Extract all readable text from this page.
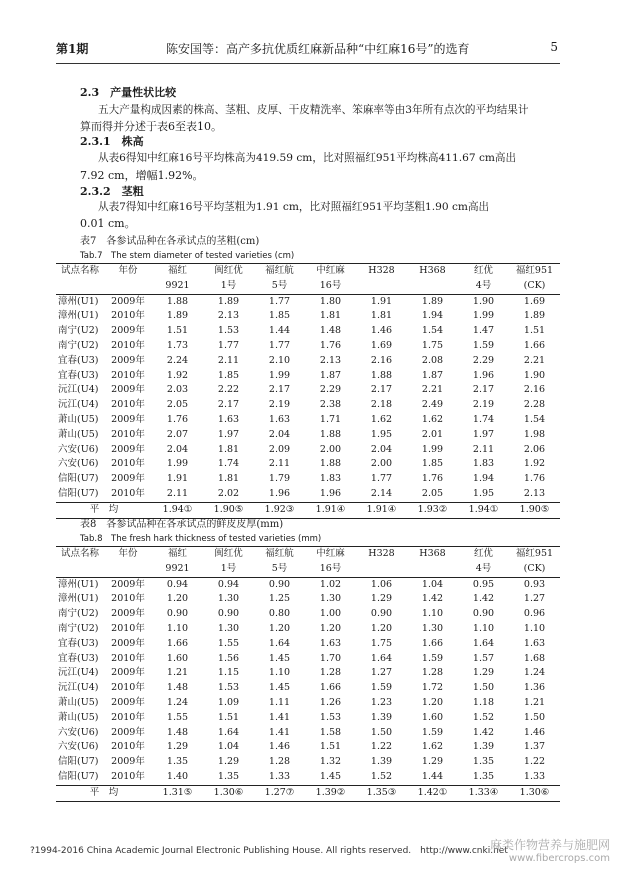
第1期	陈安国等：高产多抗优质红麻新品种“中红麻16号”的选育	5
2.3　产量性状比较
五大产量构成因素的株高、茎粗、皮厚、干皮精洗率、笨麻率等由3年所有点次的平均结果计
算而得并分述于表6至表10。
2.3.1　株高
从表6得知中红麻16号平均株高为419.59 cm，比对照福红951平均株高411.67 cm高出
7.92 cm，增幅1.92%。
2.3.2　茎粗
从表7得知中红麻16号平均茎粗为1.91 cm，比对照福红951平均茎粗1.90 cm高出
0.01 cm。
表7　各参试品种在各承试点的茎粗(cm)
Tab.7　The stem diameter of tested varieties (cm)
试点名称	年份	福红	闽红优	福红航	中红麻	H328	H368	红优	福红951
		9921	1号	5号	16号			4号	(CK)
漳州(U1)	2009年	1.88	1.89	1.77	1.80	1.91	1.89	1.90	1.69
漳州(U1)	2010年	1.89	2.13	1.85	1.81	1.81	1.94	1.99	1.89
南宁(U2)	2009年	1.51	1.53	1.44	1.48	1.46	1.54	1.47	1.51
南宁(U2)	2010年	1.73	1.77	1.77	1.76	1.69	1.75	1.59	1.66
宜春(U3)	2009年	2.24	2.11	2.10	2.13	2.16	2.08	2.29	2.21
宜春(U3)	2010年	1.92	1.85	1.99	1.87	1.88	1.87	1.96	1.90
沅江(U4)	2009年	2.03	2.22	2.17	2.29	2.17	2.21	2.17	2.16
沅江(U4)	2010年	2.05	2.17	2.19	2.38	2.18	2.49	2.19	2.28
萧山(U5)	2009年	1.76	1.63	1.63	1.71	1.62	1.62	1.74	1.54
萧山(U5)	2010年	2.07	1.97	2.04	1.88	1.95	2.01	1.97	1.98
六安(U6)	2009年	2.04	1.81	2.09	2.00	2.04	1.99	2.11	2.06
六安(U6)	2010年	1.99	1.74	2.11	1.88	2.00	1.85	1.83	1.92
信阳(U7)	2009年	1.91	1.81	1.79	1.83	1.77	1.76	1.94	1.76
信阳(U7)	2010年	2.11	2.02	1.96	1.96	2.14	2.05	1.95	2.13
平　均		1.94①	1.90⑤	1.92③	1.91④	1.91④	1.93②	1.94①	1.90⑤
表8　各参试品种在各承试点的鲜皮皮厚(mm)
Tab.8　The fresh hark thickness of tested varieties (mm)
试点名称	年份	福红	闽红优	福红航	中红麻	H328	H368	红优	福红951
		9921	1号	5号	16号			4号	(CK)
漳州(U1)	2009年	0.94	0.94	0.90	1.02	1.06	1.04	0.95	0.93
漳州(U1)	2010年	1.20	1.30	1.25	1.30	1.29	1.42	1.42	1.27
南宁(U2)	2009年	0.90	0.90	0.80	1.00	0.90	1.10	0.90	0.96
南宁(U2)	2010年	1.10	1.30	1.20	1.20	1.20	1.30	1.10	1.10
宜春(U3)	2009年	1.66	1.55	1.64	1.63	1.75	1.66	1.64	1.63
宜春(U3)	2010年	1.60	1.56	1.45	1.70	1.64	1.59	1.57	1.68
沅江(U4)	2009年	1.21	1.15	1.10	1.28	1.27	1.28	1.29	1.24
沅江(U4)	2010年	1.48	1.53	1.45	1.66	1.59	1.72	1.50	1.36
萧山(U5)	2009年	1.24	1.09	1.11	1.26	1.23	1.20	1.18	1.21
萧山(U5)	2010年	1.55	1.51	1.41	1.53	1.39	1.60	1.52	1.50
六安(U6)	2009年	1.48	1.64	1.41	1.58	1.50	1.59	1.42	1.46
六安(U6)	2010年	1.29	1.04	1.46	1.51	1.22	1.62	1.39	1.37
信阳(U7)	2009年	1.35	1.29	1.28	1.32	1.39	1.29	1.35	1.22
信阳(U7)	2010年	1.40	1.35	1.33	1.45	1.52	1.44	1.35	1.33
平　均		1.31⑤	1.30⑥	1.27⑦	1.39②	1.35③	1.42①	1.33④	1.30⑥
?1994-2016 China Academic Journal Electronic Publishing House. All rights reserved.　http://www.cnki.net
麻类作物营养与施肥网
www.fibercrops.com
